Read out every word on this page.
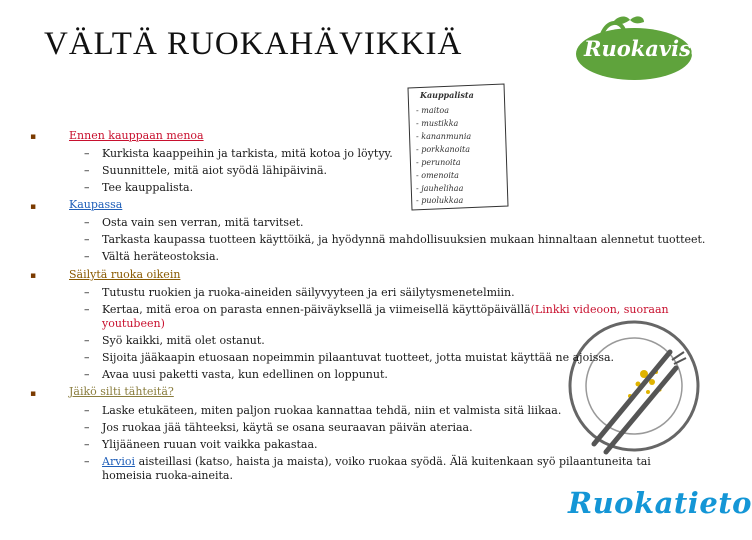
VÄLTÄ RUOKAHÄVIKKIÄ	Ruokavisa
Kauppalista
- maitoa
- mustikka
- kananmunia
- porkkanoita
- perunoita
- omenoita
- jauhelihaa
- puolukkaa
Ruokatieto
▪	Ennen kauppaan menoa
– Kurkista kaappeihin ja tarkista, mitä kotoa jo löytyy.
– Suunnittele, mitä aiot syödä lähipäivinä.
– Tee kauppalista.
▪	Kaupassa
– Osta vain sen verran, mitä tarvitset.
– Tarkasta kaupassa tuotteen käyttöikä, ja hyödynnä mahdollisuuksien mukaan hinnaltaan alennetut tuotteet.
– Vältä heräteostoksia.
▪	Säilytä ruoka oikein
– Tutustu ruokien ja ruoka-aineiden säilyvyyteen ja eri säilytysmenetelmiin.
– Kertaa, mitä eroa on parasta ennen-päiväyksellä ja viimeisellä käyttöpäivällä(Linkki videoon, suoraan youtubeen)
– Syö kaikki, mitä olet ostanut.
– Sijoita jääkaapin etuosaan nopeimmin pilaantuvat tuotteet, jotta muistat käyttää ne ajoissa.
– Avaa uusi paketti vasta, kun edellinen on loppunut.
▪	Jäikö silti tähteitä?
– Laske etukäteen, miten paljon ruokaa kannattaa tehdä, niin et valmista sitä liikaa.
– Jos ruokaa jää tähteeksi, käytä se osana seuraavan päivän ateriaa.
– Ylijääneen ruuan voit vaikka pakastaa.
– Arvioi aisteillasi (katso, haista ja maista), voiko ruokaa syödä. Älä kuitenkaan syö pilaantuneita tai homeisia ruoka-aineita.
